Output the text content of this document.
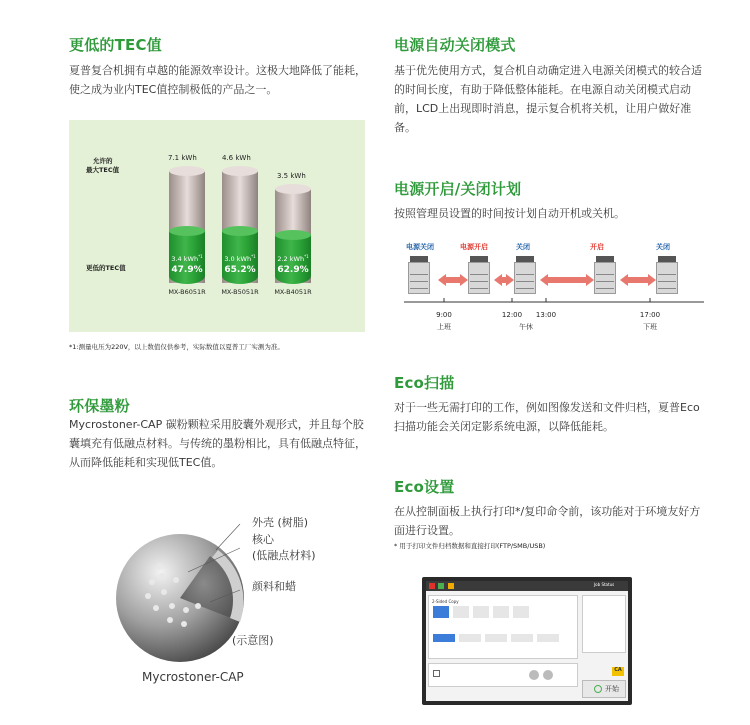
更低的TEC值
夏普复合机拥有卓越的能源效率设计。这极大地降低了能耗，使之成为业内TEC值控制极低的产品之一。
允许的
最大TEC值
更低的TEC值
7.1 kWh
3.4 kWh$^{*1}$
47.9%
MX-B6051R
4.6 kWh
3.0 kWh$^{*1}$
65.2%
MX-B5051R
3.5 kWh
2.2 kWh$^{*1}$
62.9%
MX-B4051R
*1:测量电压为220V，以上数值仅供参考，实际数值以夏普工厂实测为准。
环保墨粉
Mycrostoner-CAP 碳粉颗粒采用胶囊外观形式，并且每个胶囊填充有低融点材料。与传统的墨粉相比，具有低融点特征，从而降低能耗和实现低TEC值。
外壳 (树脂)
核心
(低融点材料)
颜料和蜡
(示意图)
Mycrostoner-CAP
电源自动关闭模式
基于优先使用方式，复合机自动确定进入电源关闭模式的较合适的时间长度，有助于降低整体能耗。在电源自动关闭模式启动前，LCD上出现即时消息，提示复合机将关机，让用户做好准备。
电源开启/关闭计划
按照管理员设置的时间按计划自动开机或关机。
电源关闭	电源开启	关闭	开启	关闭
9:00
上班
12:00
午休
13:00	17:00
下班
Eco扫描
对于一些无需打印的工作，例如图像发送和文件归档，夏普Eco扫描功能会关闭定影系统电源，以降低能耗。
Eco设置
在从控制面板上执行打印*/复印命令前，该功能对于环境友好方面进行设置。
* 用于打印文件归档数据和直接打印(FTP/SMB/USB)
Job Status
2-Sided Copy
CA
开始
